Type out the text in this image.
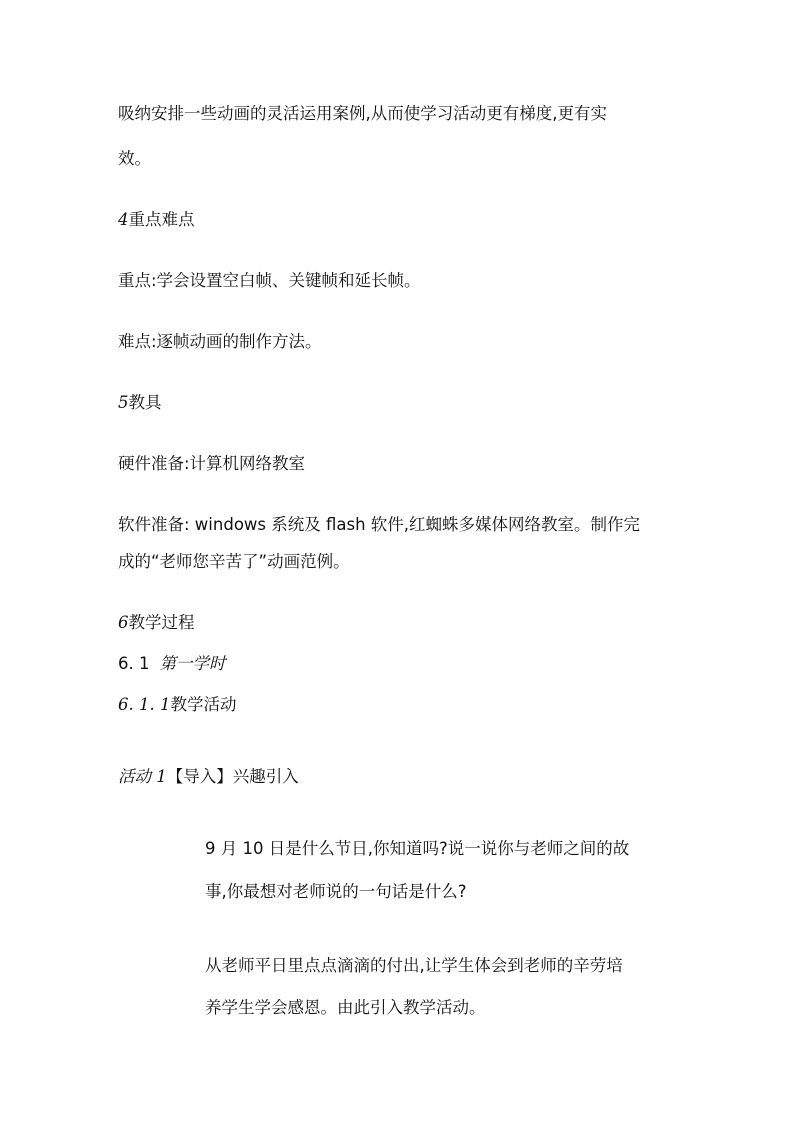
吸纳安排一些动画的灵活运用案例,从而使学习活动更有梯度,更有实
效。
4重点难点
重点:学会设置空白帧、关键帧和延长帧。
难点:逐帧动画的制作方法。
5教具
硬件准备:计算机网络教室
软件准备: windows 系统及 flash 软件,红蜘蛛多媒体网络教室。制作完
成的“老师您辛苦了”动画范例。
6教学过程
6. 1 第一学时
6. 1. 1教学活动
活动 1【导入】兴趣引入
9 月 10 日是什么节日,你知道吗?说一说你与老师之间的故
事,你最想对老师说的一句话是什么?
从老师平日里点点滴滴的付出,让学生体会到老师的辛劳培
养学生学会感恩。由此引入教学活动。
